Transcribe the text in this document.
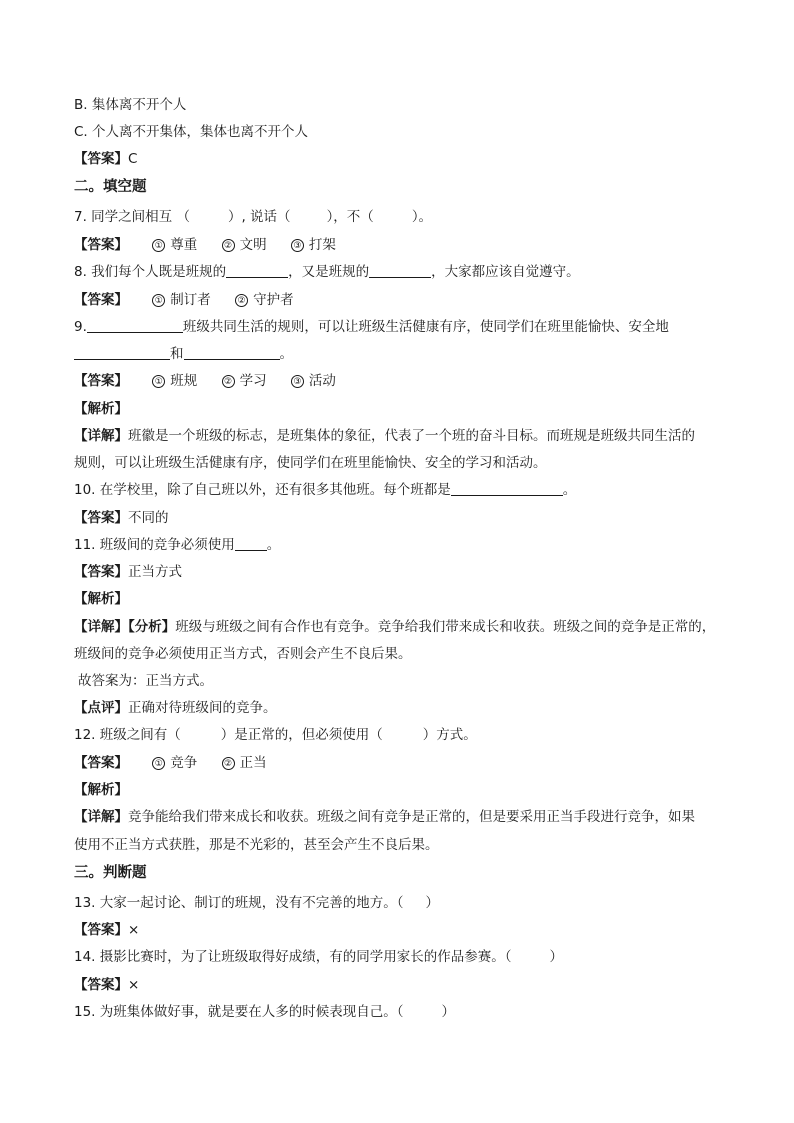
B. 集体离不开个人
C. 个人离不开集体，集体也离不开个人
【答案】C
二。填空题
7. 同学之间相互 （	）, 说话（	），不（	）。
【答案】	① 尊重	② 文明	③ 打架
8. 我们每个人既是班规的	，又是班规的	，大家都应该自觉遵守。
【答案】	① 制订者	② 守护者
9.	班级共同生活的规则，可以让班级生活健康有序，使同学们在班里能愉快、安全地
和	。
【答案】	① 班规	② 学习	③ 活动
【解析】
【详解】班徽是一个班级的标志，是班集体的象征，代表了一个班的奋斗目标。而班规是班级共同生活的
规则，可以让班级生活健康有序，使同学们在班里能愉快、安全的学习和活动。
10. 在学校里，除了自己班以外，还有很多其他班。每个班都是	。
【答案】不同的
11. 班级间的竞争必须使用 。
【答案】正当方式
【解析】
【详解】【分析】班级与班级之间有合作也有竞争。竞争给我们带来成长和收获。班级之间的竞争是正常的，
班级间的竞争必须使用正当方式，否则会产生不良后果。
故答案为：正当方式。
【点评】正确对待班级间的竞争。
12. 班级之间有（	）是正常的，但必须使用（	）方式。
【答案】	① 竞争	② 正当
【解析】
【详解】竞争能给我们带来成长和收获。班级之间有竞争是正常的，但是要采用正当手段进行竞争，如果
使用不正当方式获胜，那是不光彩的，甚至会产生不良后果。
三。判断题
13. 大家一起讨论、制订的班规，没有不完善的地方。（ ）
【答案】×
14. 摄影比赛时，为了让班级取得好成绩，有的同学用家长的作品参赛。（	）
【答案】×
15. 为班集体做好事，就是要在人多的时候表现自己。（	）
